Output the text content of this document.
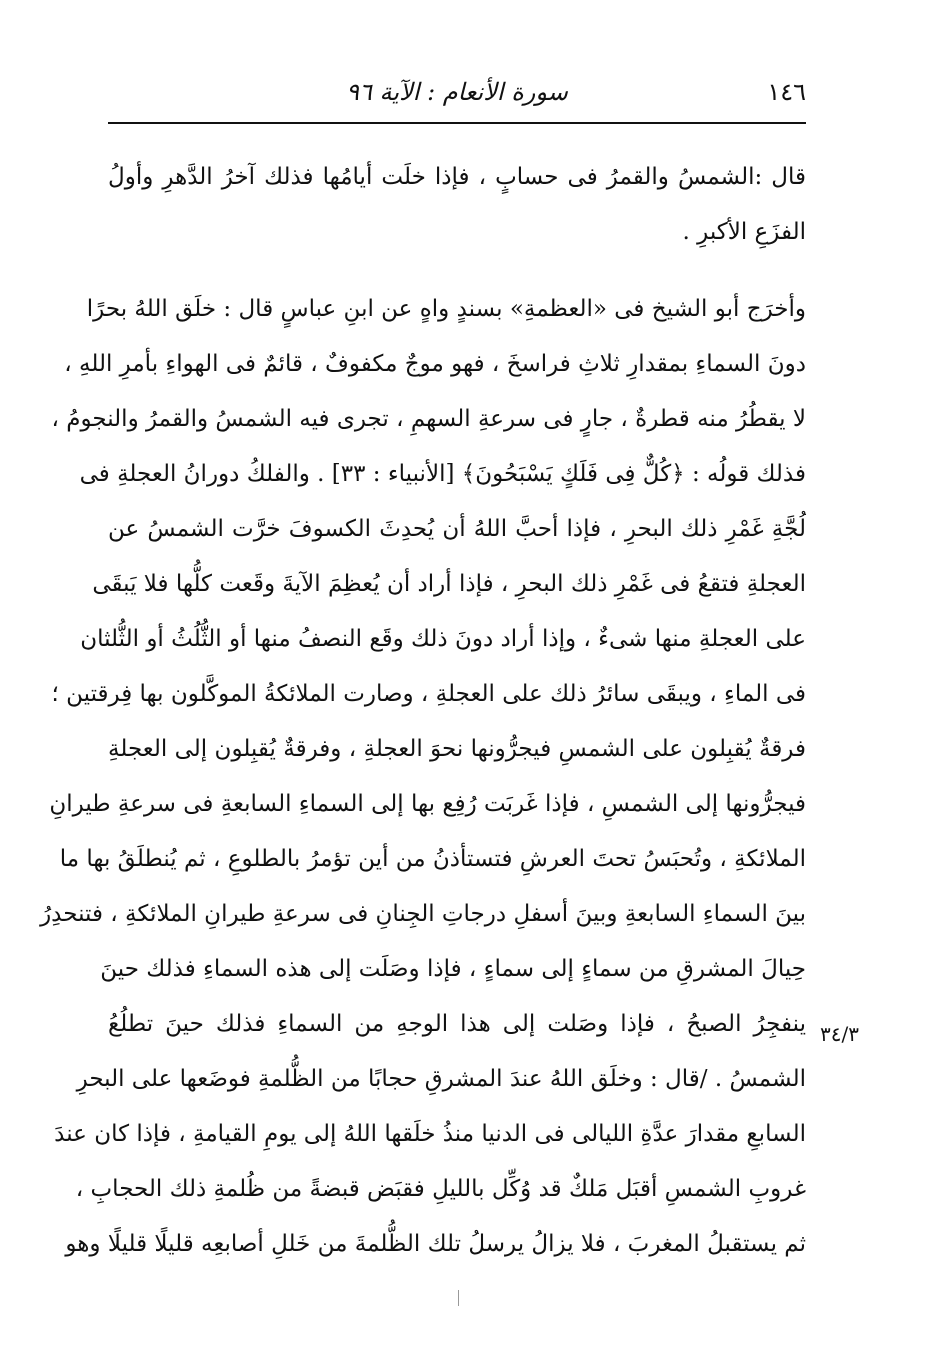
١٤٦
سورة الأنعام : الآية ٩٦

قال :الشمسُ والقمرُ فى حسابٍ ، فإذا خلَت أيامُها فذلك آخرُ الدَّهرِ وأولُ
الفزَعِ الأكبرِ .

وأخرَج أبو الشيخ فى «العظمةِ» بسندٍ واهٍ عن ابنِ عباسٍ قال : خلَق اللهُ بحرًا
دونَ السماءِ بمقدارِ ثلاثِ فراسخَ ، فهو موجٌ مكفوفٌ ، قائمٌ فى الهواءِ بأمرِ اللهِ ،
لا يقطُرُ منه قطرةٌ ، جارٍ فى سرعةِ السهمِ ، تجرى فيه الشمسُ والقمرُ والنجومُ ،
فذلك قولُه : ﴿كُلٌّ فِى فَلَكٍ يَسْبَحُونَ﴾ [الأنبياء : ٣٣] . والفلكُ دورانُ العجلةِ فى
لُجَّةِ غَمْرِ ذلك البحرِ ، فإذا أحبَّ اللهُ أن يُحدِثَ الكسوفَ خرَّت الشمسُ عن
العجلةِ فتقعُ فى غَمْرِ ذلك البحرِ ، فإذا أراد أن يُعظِمَ الآيةَ وقَعت كلُّها فلا يَبقَى
على العجلةِ منها شىءٌ ، وإذا أراد دونَ ذلك وقَع النصفُ منها أو الثُّلُثُ أو الثُّلثان
فى الماءِ ، ويبقَى سائرُ ذلك على العجلةِ ، وصارت الملائكةُ الموكَّلون بها فِرقتين ؛
فرقةٌ يُقبِلون على الشمسِ فيجرُّونها نحوَ العجلةِ ، وفرقةٌ يُقبِلون إلى العجلةِ
فيجرُّونها إلى الشمسِ ، فإذا غَربَت رُفِع بها إلى السماءِ السابعةِ فى سرعةِ طيرانِ
الملائكةِ ، وتُحبَسُ تحتَ العرشِ فتستأذنُ من أين تؤمرُ بالطلوعِ ، ثم يُنطلَقُ بها ما
بينَ السماءِ السابعةِ وبينَ أسفلِ درجاتِ الجِنانِ فى سرعةِ طيرانِ الملائكةِ ، فتنحدِرُ
حِيالَ المشرقِ من سماءٍ إلى سماءٍ ، فإذا وصَلَت إلى هذه السماءِ فذلك حينَ
ينفجِرُ الصبحُ ، فإذا وصَلت إلى هذا الوجهِ من السماءِ فذلك حينَ تطلُعُ
الشمسُ . /قال : وخلَق اللهُ عندَ المشرقِ حجابًا من الظُّلمةِ فوضَعها على البحرِ
السابعِ مقدارَ عدَّةِ الليالى فى الدنيا منذُ خلَقها اللهُ إلى يومِ القيامةِ ، فإذا كان عندَ
غروبِ الشمسِ أقبَل مَلكٌ قد وُكِّل بالليلِ فقبَض قبضةً من ظُلمةِ ذلك الحجابِ ،
ثم يستقبلُ المغربَ ، فلا يزالُ يرسلُ تلك الظُّلمةَ من خَللِ أصابعِه قليلًا قليلًا وهو

٣٤/٣
